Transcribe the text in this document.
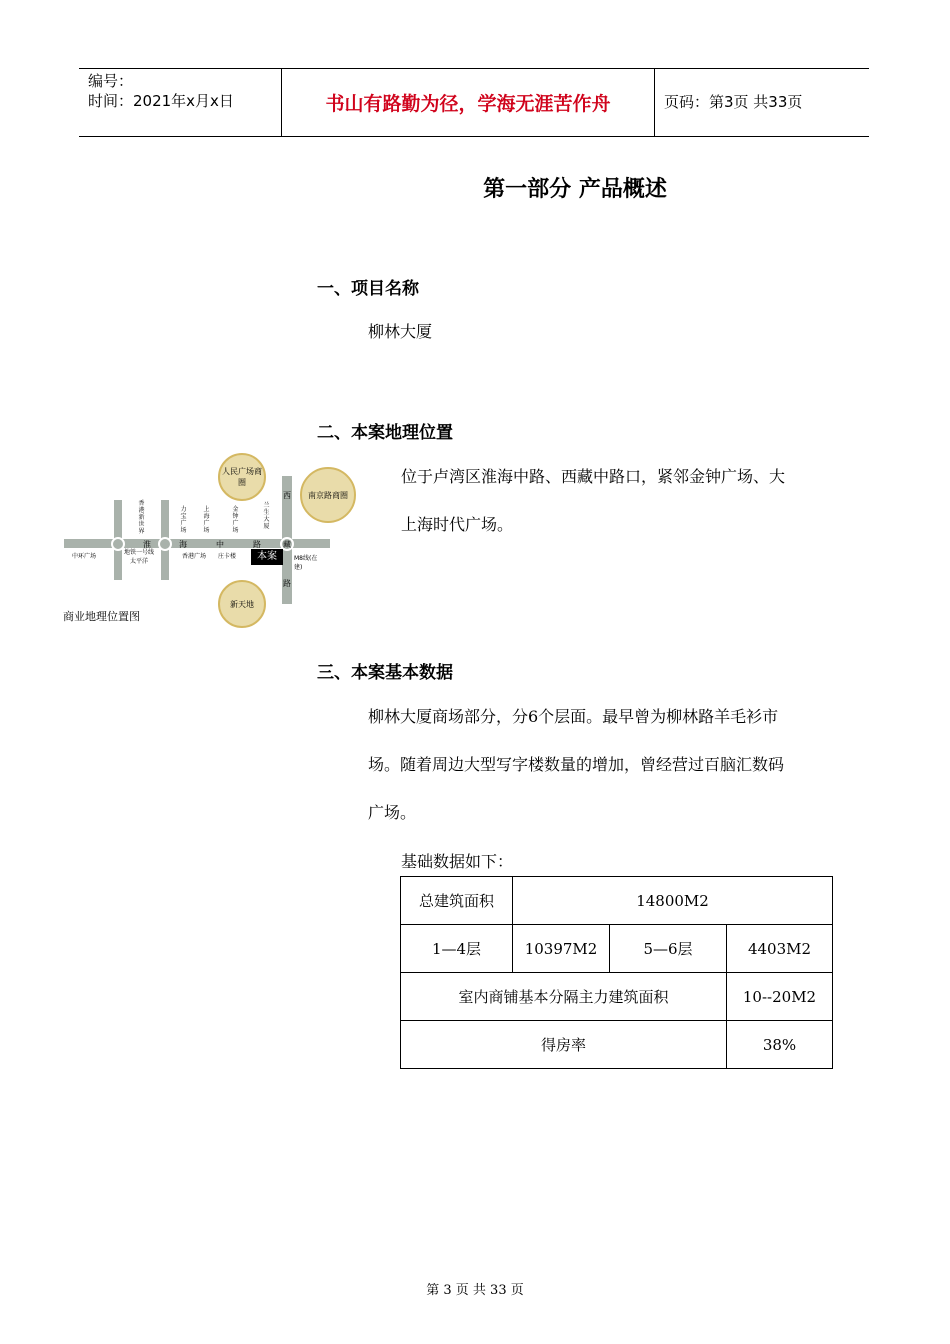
编号：
时间：2021年x月x日	书山有路勤为径，学海无涯苦作舟	页码：第3页 共33页
第一部分 产品概述
一、项目名称
柳林大厦
二、本案地理位置
位于卢湾区淮海中路、西藏中路口，紧邻金钟广场、大
上海时代广场。
人民广场商圈
南京路商圈
新天地
香港新世界
力宝广场
上海广场
金钟广场
兰生大厦
淮	海	中	路
西
藏
路
中环广场
地铁一号线
太平洋
香港广场 庄卡楼	M8线(在建)
本案
商业地理位置图
三、本案基本数据
柳林大厦商场部分，分6个层面。最早曾为柳林路羊毛衫市
场。随着周边大型写字楼数量的增加，曾经营过百脑汇数码
广场。
基础数据如下：
总建筑面积	14800M2		
1—4层	10397M2	5—6层	4403M2
室内商铺基本分隔主力建筑面积			10--20M2
得房率			38%
第 3 页 共 33 页
